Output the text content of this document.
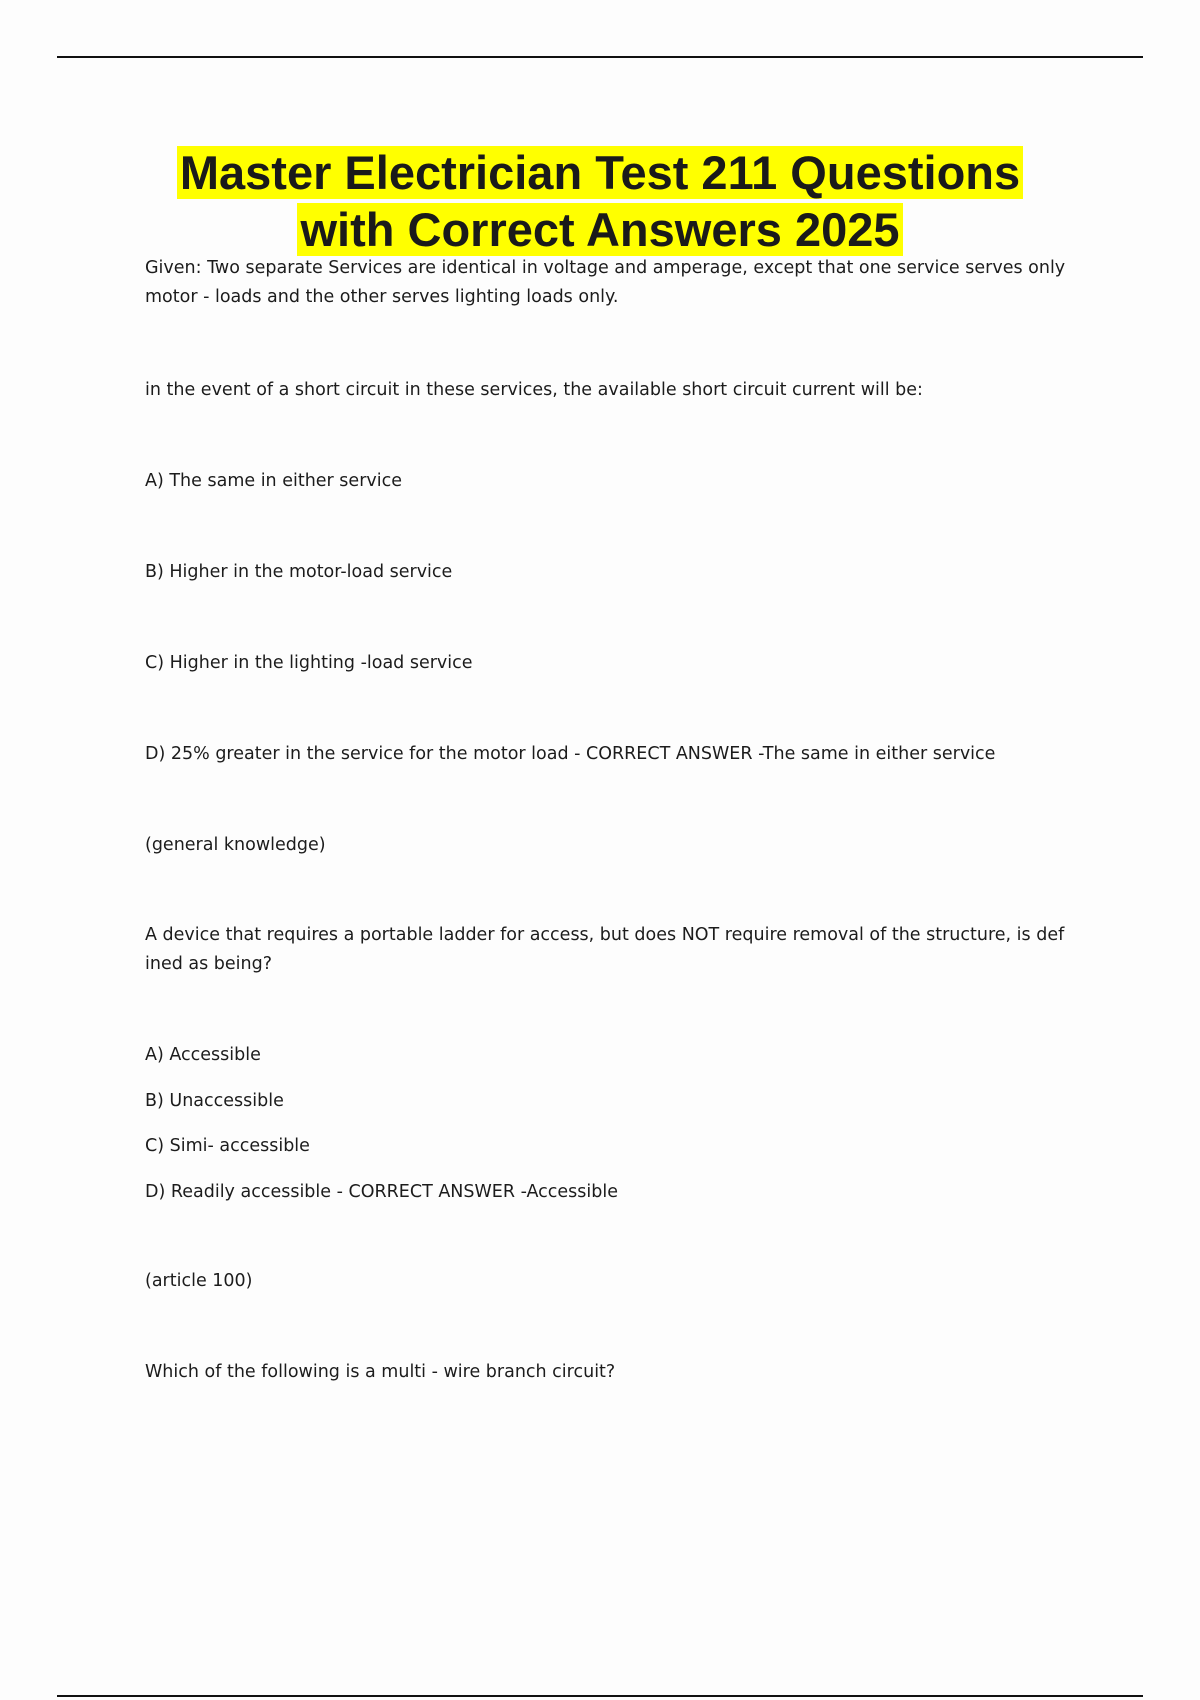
Master Electrician Test 211 Questions
with Correct Answers 2025

Given: Two separate Services are identical in voltage and amperage, except that one service serves only
motor - loads and the other serves lighting loads only.

in the event of a short circuit in these services, the available short circuit current will be:

A) The same in either service

B) Higher in the motor-load service

C) Higher in the lighting -load service

D) 25% greater in the service for the motor load - CORRECT ANSWER -The same in either service

(general knowledge)

A device that requires a portable ladder for access, but does NOT require removal of the structure, is def
ined as being?

A) Accessible

B) Unaccessible

C) Simi- accessible

D) Readily accessible - CORRECT ANSWER -Accessible

(article 100)

Which of the following is a multi - wire branch circuit?
